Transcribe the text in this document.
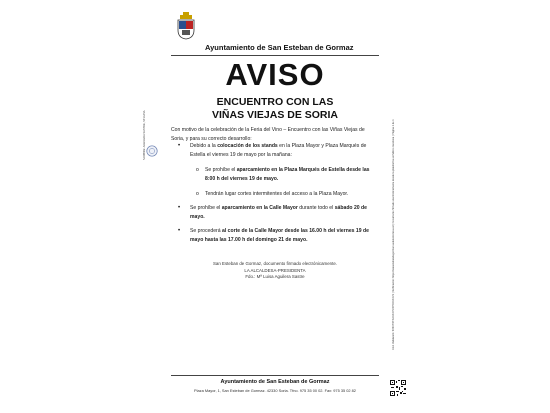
Ayuntamiento de San Esteban de Gormaz
AVISO
ENCUENTRO CON LAS
VIÑAS VIEJAS DE SORIA
Con motivo de la celebración de la Feria del Vino – Encuentro con las Viñas Viejas de
Soria, y para su correcto desarrollo:
• Debido a la colocación de los stands en la Plaza Mayor y Plaza Marqués de
Estella el viernes 19 de mayo por la mañana:
o Se prohíbe el aparcamiento en la Plaza Marqués de Estella desde las
8:00 h del viernes 19 de mayo.
o Tendrán lugar cortes intermitentes del acceso a la Plaza Mayor.
• Se prohíbe el aparcamiento en la Calle Mayor durante todo el sábado 20 de
mayo.
• Se procederá al corte de la Calle Mayor desde las 16.00 h del viernes 19 de
mayo hasta las 17.00 h del domingo 21 de mayo.
San Esteban de Gormaz, documento firmado electrónicamente.
LA ALCALDESA-PRESIDENTA
Fdo.: Mª Luisa Aguilera Sastre
Ayuntamiento de San Esteban de Gormaz
Plaza Mayor, 1, San Esteban de Gormaz. 42330 Soria. Tfno. 975 35 00 02. Fax: 975 35 02 82
NOMBRE: AGUILERA SASTRE, Mª LUISA	Cód. Validación: 9X9XTRTXAXXXYR4YNXXXXJN | Verificación: https://sanestebandegormaz.sedelectronica.es/ | Documento firmado electrónicamente desde la plataforma esPublico Gestiona | Página 1 de 1
